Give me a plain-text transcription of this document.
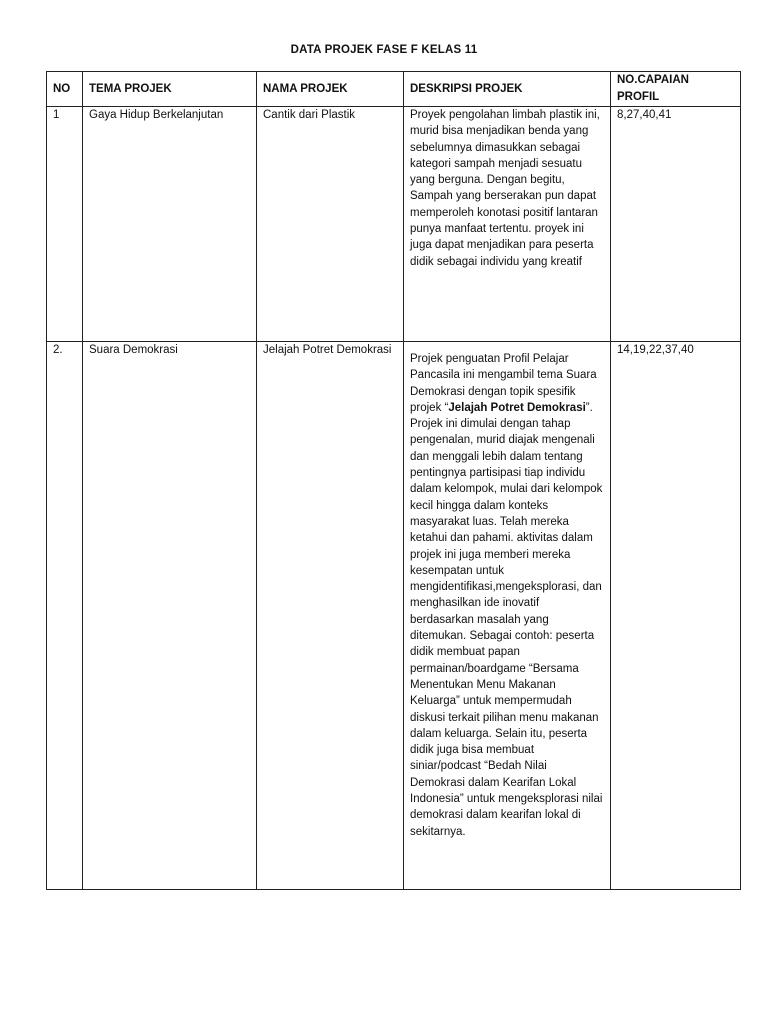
DATA PROJEK FASE F KELAS 11
NO	TEMA PROJEK	NAMA PROJEK	DESKRIPSI PROJEK	NO.CAPAIAN PROFIL
1	Gaya Hidup Berkelanjutan	Cantik dari Plastik	Proyek pengolahan limbah plastik ini, murid bisa menjadikan benda yang sebelumnya dimasukkan sebagai kategori sampah menjadi sesuatu yang berguna. Dengan begitu, Sampah yang berserakan pun dapat memperoleh konotasi positif lantaran punya manfaat tertentu. proyek ini juga dapat menjadikan para peserta didik sebagai individu yang kreatif	8,27,40,41
2.	Suara Demokrasi	Jelajah Potret Demokrasi	Projek penguatan Profil Pelajar Pancasila ini mengambil tema Suara Demokrasi dengan topik spesifik projek “Jelajah Potret Demokrasi”. Projek ini dimulai dengan tahap pengenalan, murid diajak mengenali dan menggali lebih dalam tentang pentingnya partisipasi tiap individu dalam kelompok, mulai dari kelompok kecil hingga dalam konteks masyarakat luas. Telah mereka ketahui dan pahami. aktivitas dalam projek ini juga memberi mereka kesempatan untuk mengidentifikasi,mengeksplorasi, dan menghasilkan ide inovatif berdasarkan masalah yang ditemukan. Sebagai contoh: peserta didik membuat papan permainan/boardgame “Bersama Menentukan Menu Makanan Keluarga” untuk mempermudah diskusi terkait pilihan menu makanan dalam keluarga. Selain itu, peserta didik juga bisa membuat siniar/podcast “Bedah Nilai Demokrasi dalam Kearifan Lokal Indonesia” untuk mengeksplorasi nilai demokrasi dalam kearifan lokal di sekitarnya.	14,19,22,37,40
